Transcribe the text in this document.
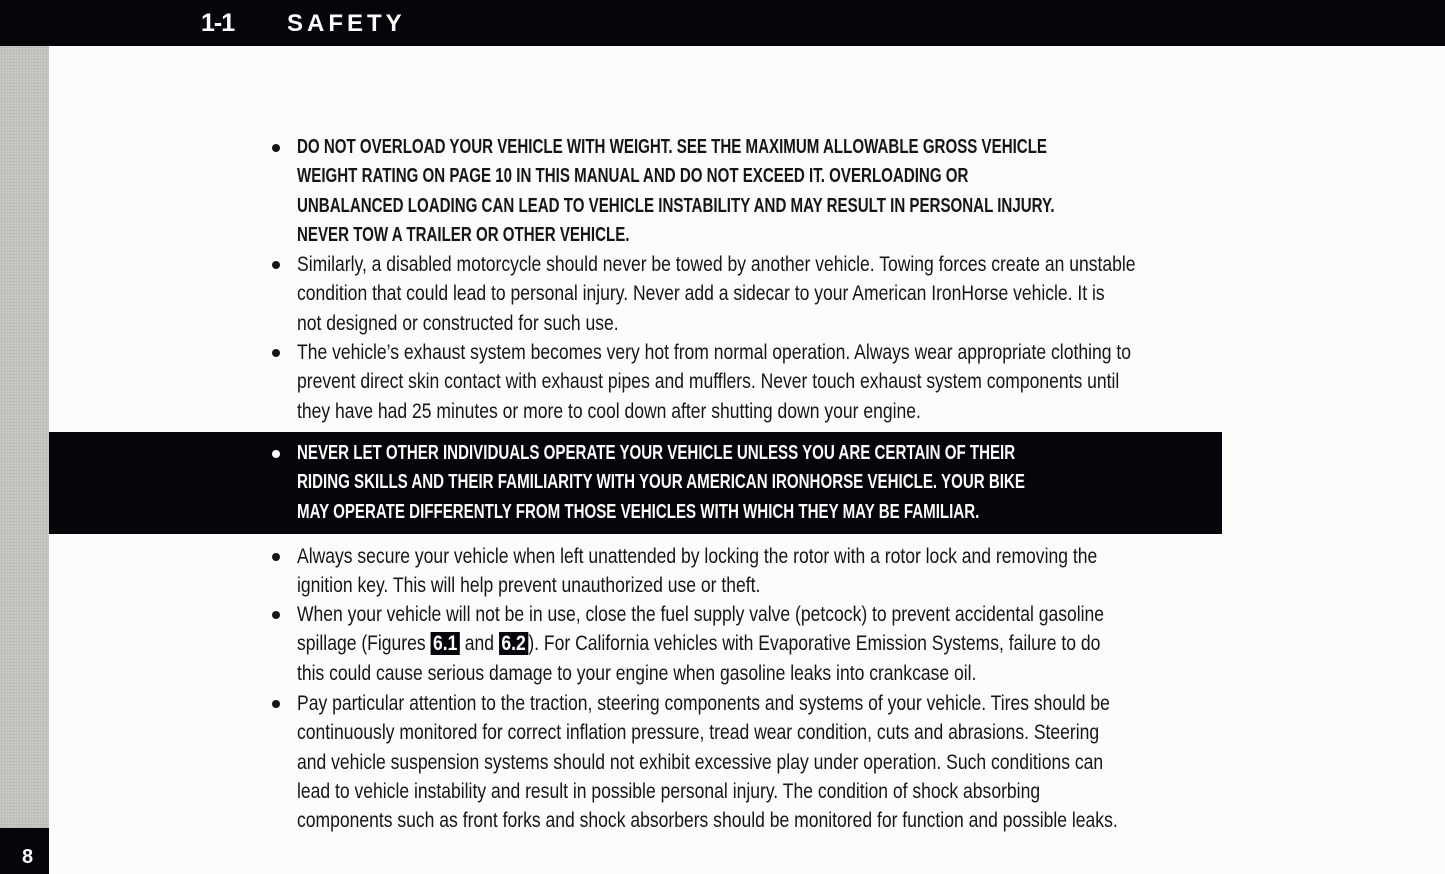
1-1 SAFETY
8
DO NOT OVERLOAD YOUR VEHICLE WITH WEIGHT. SEE THE MAXIMUM ALLOWABLE GROSS VEHICLE
WEIGHT RATING ON PAGE 10 IN THIS MANUAL AND DO NOT EXCEED IT. OVERLOADING OR
UNBALANCED LOADING CAN LEAD TO VEHICLE INSTABILITY AND MAY RESULT IN PERSONAL INJURY.
NEVER TOW A TRAILER OR OTHER VEHICLE.
Similarly, a disabled motorcycle should never be towed by another vehicle. Towing forces create an unstable
condition that could lead to personal injury. Never add a sidecar to your American IronHorse vehicle. It is
not designed or constructed for such use.
The vehicle’s exhaust system becomes very hot from normal operation. Always wear appropriate clothing to
prevent direct skin contact with exhaust pipes and mufflers. Never touch exhaust system components until
they have had 25 minutes or more to cool down after shutting down your engine.
NEVER LET OTHER INDIVIDUALS OPERATE YOUR VEHICLE UNLESS YOU ARE CERTAIN OF THEIR
RIDING SKILLS AND THEIR FAMILIARITY WITH YOUR AMERICAN IRONHORSE VEHICLE. YOUR BIKE
MAY OPERATE DIFFERENTLY FROM THOSE VEHICLES WITH WHICH THEY MAY BE FAMILIAR.
Always secure your vehicle when left unattended by locking the rotor with a rotor lock and removing the
ignition key. This will help prevent unauthorized use or theft.
When your vehicle will not be in use, close the fuel supply valve (petcock) to prevent accidental gasoline
spillage (Figures 6.1 and 6.2 ). For California vehicles with Evaporative Emission Systems, failure to do
this could cause serious damage to your engine when gasoline leaks into crankcase oil.
Pay particular attention to the traction, steering components and systems of your vehicle. Tires should be
continuously monitored for correct inflation pressure, tread wear condition, cuts and abrasions. Steering
and vehicle suspension systems should not exhibit excessive play under operation. Such conditions can
lead to vehicle instability and result in possible personal injury. The condition of shock absorbing
components such as front forks and shock absorbers should be monitored for function and possible leaks.
